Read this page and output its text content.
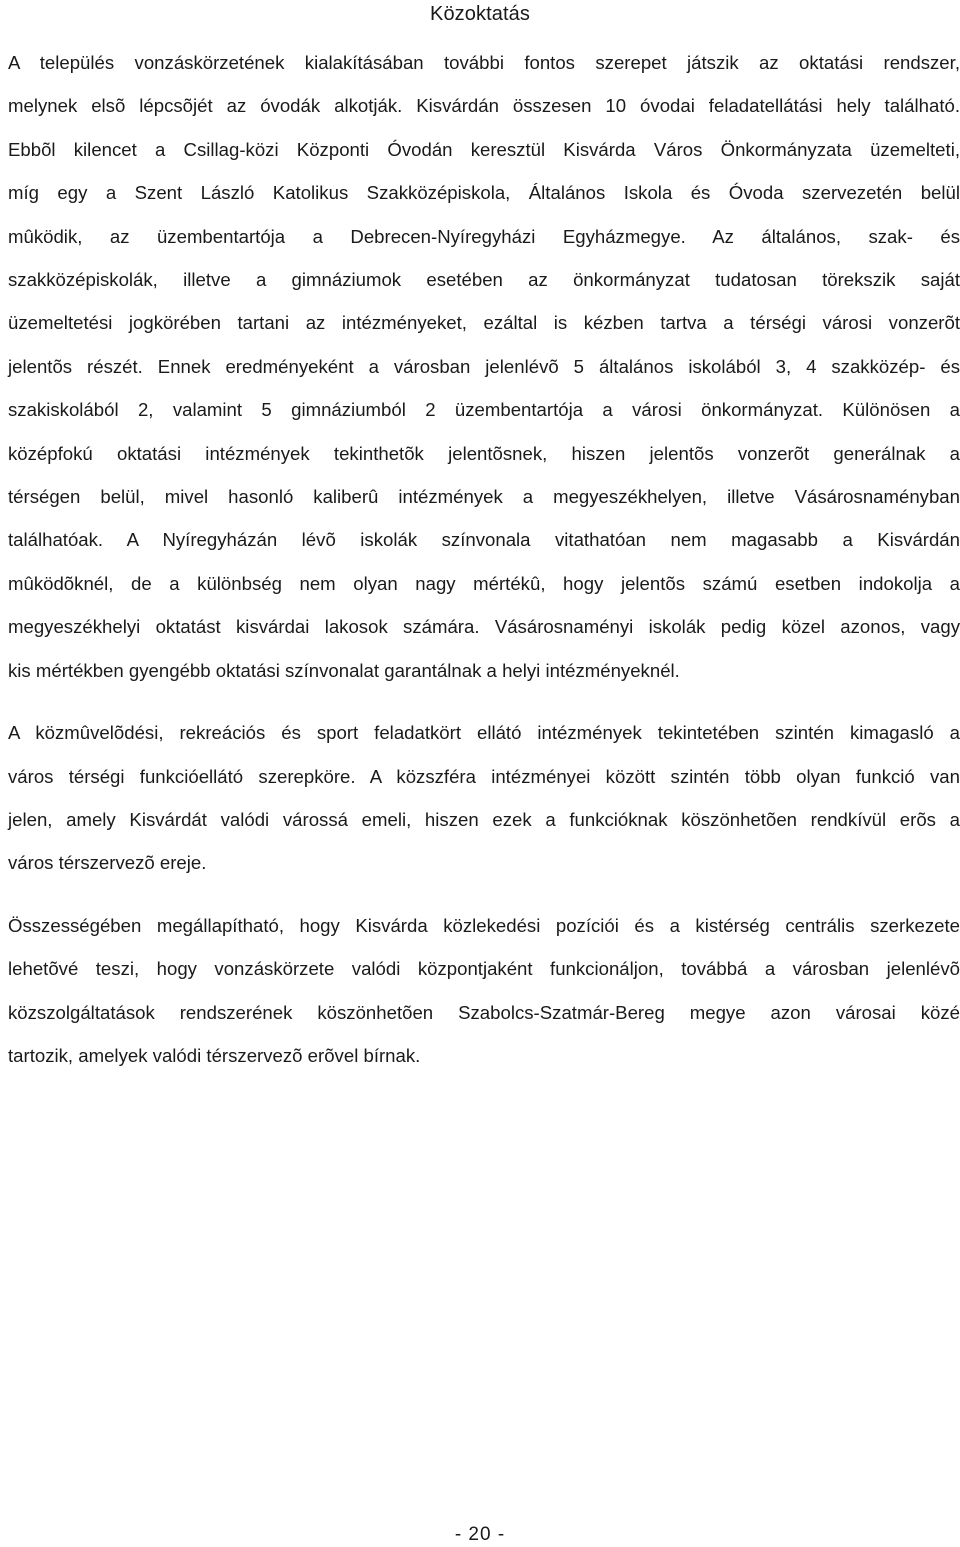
Közoktatás
A település vonzáskörzetének kialakításában további fontos szerepet játszik az oktatási rendszer,
melynek elsõ lépcsõjét az óvodák alkotják. Kisvárdán összesen 10 óvodai feladatellátási hely található.
Ebbõl kilencet a Csillag-közi Központi Óvodán keresztül Kisvárda Város Önkormányzata üzemelteti,
míg egy a Szent László Katolikus Szakközépiskola, Általános Iskola és Óvoda szervezetén belül
mûködik, az üzembentartója a Debrecen-Nyíregyházi Egyházmegye. Az általános, szak- és
szakközépiskolák, illetve a gimnáziumok esetében az önkormányzat tudatosan törekszik saját
üzemeltetési jogkörében tartani az intézményeket, ezáltal is kézben tartva a térségi városi vonzerõt
jelentõs részét. Ennek eredményeként a városban jelenlévõ 5 általános iskolából 3, 4 szakközép- és
szakiskolából 2, valamint 5 gimnáziumból 2 üzembentartója a városi önkormányzat. Különösen a
középfokú oktatási intézmények tekinthetõk jelentõsnek, hiszen jelentõs vonzerõt generálnak a
térségen belül, mivel hasonló kaliberû intézmények a megyeszékhelyen, illetve Vásárosnaményban
találhatóak. A Nyíregyházán lévõ iskolák színvonala vitathatóan nem magasabb a Kisvárdán
mûködõknél, de a különbség nem olyan nagy mértékû, hogy jelentõs számú esetben indokolja a
megyeszékhelyi oktatást kisvárdai lakosok számára. Vásárosnaményi iskolák pedig közel azonos, vagy
kis mértékben gyengébb oktatási színvonalat garantálnak a helyi intézményeknél.
A közmûvelõdési, rekreációs és sport feladatkört ellátó intézmények tekintetében szintén kimagasló a
város térségi funkcióellátó szerepköre. A közszféra intézményei között szintén több olyan funkció van
jelen, amely Kisvárdát valódi várossá emeli, hiszen ezek a funkcióknak köszönhetõen rendkívül erõs a
város térszervezõ ereje.
Összességében megállapítható, hogy Kisvárda közlekedési pozíciói és a kistérség centrális szerkezete
lehetõvé teszi, hogy vonzáskörzete valódi központjaként funkcionáljon, továbbá a városban jelenlévõ
közszolgáltatások rendszerének köszönhetõen Szabolcs-Szatmár-Bereg megye azon városai közé
tartozik, amelyek valódi térszervezõ erõvel bírnak.
- 20 -
